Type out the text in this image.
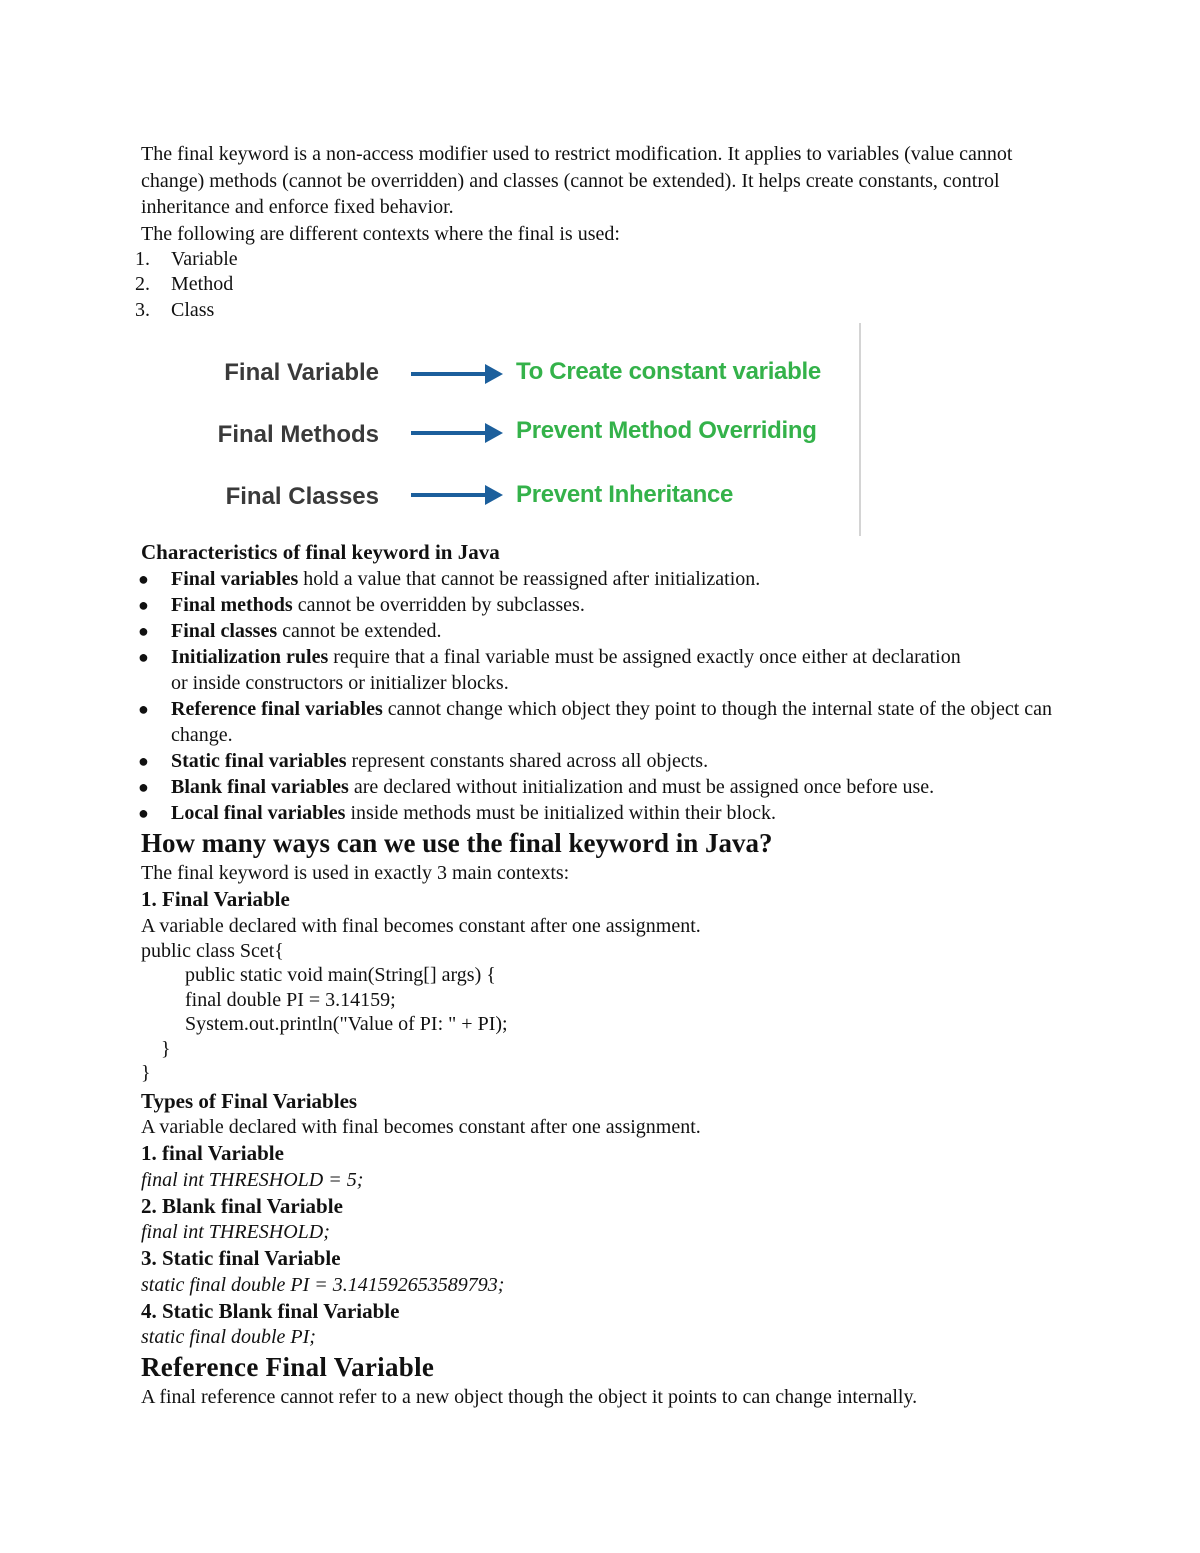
The final keyword is a non-access modifier used to restrict modification. It applies to variables (value cannot change) methods (cannot be overridden) and classes (cannot be extended). It helps create constants, control inheritance and enforce fixed behavior.

The following are different contexts where the final is used:

1. Variable
2. Method
3. Class
Final Variable	To Create constant variable
Final Methods	Prevent Method Overriding
Final Classes	Prevent Inheritance
Characteristics of final keyword in Java
● Final variables hold a value that cannot be reassigned after initialization.
● Final methods cannot be overridden by subclasses.
● Final classes cannot be extended.
● Initialization rules require that a final variable must be assigned exactly once either at declaration or inside constructors or initializer blocks.
● Reference final variables cannot change which object they point to though the internal state of the object can change.
● Static final variables represent constants shared across all objects.
● Blank final variables are declared without initialization and must be assigned once before use.
● Local final variables inside methods must be initialized within their block.
How many ways can we use the final keyword in Java?

The final keyword is used in exactly 3 main contexts:

1. Final Variable

A variable declared with final becomes constant after one assignment.

public class Scet{

public static void main(String[] args) {

final double PI = 3.14159;

System.out.println("Value of PI: " + PI);

}

}

Types of Final Variables

A variable declared with final becomes constant after one assignment.

1. final Variable

final int THRESHOLD = 5;

2. Blank final Variable

final int THRESHOLD;

3. Static final Variable

static final double PI = 3.141592653589793;

4. Static Blank final Variable

static final double PI;

Reference Final Variable

A final reference cannot refer to a new object though the object it points to can change internally.
